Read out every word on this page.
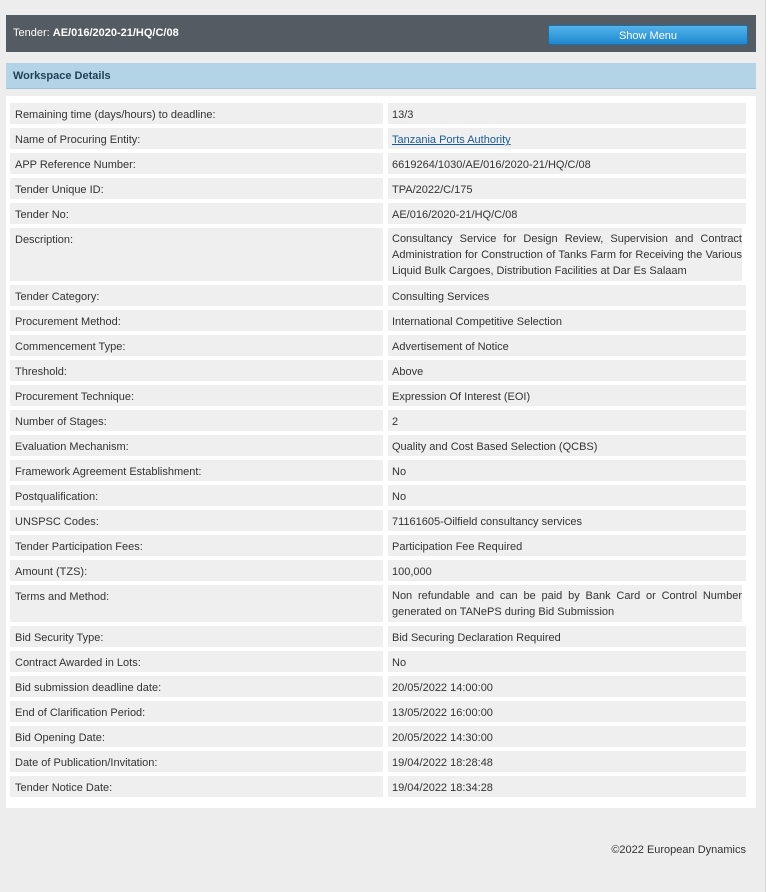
Tender: AE/016/2020-21/HQ/C/08	Show Menu
Workspace Details
Remaining time (days/hours) to deadline:	13/3
Name of Procuring Entity:	Tanzania Ports Authority
APP Reference Number:	6619264/1030/AE/016/2020-21/HQ/C/08
Tender Unique ID:	TPA/2022/C/175
Tender No:	AE/016/2020-21/HQ/C/08
Description:	Consultancy Service for Design Review, Supervision and Contract Administration for Construction of Tanks Farm for Receiving the Various Liquid Bulk Cargoes, Distribution Facilities at Dar Es Salaam
Tender Category:	Consulting Services
Procurement Method:	International Competitive Selection
Commencement Type:	Advertisement of Notice
Threshold:	Above
Procurement Technique:	Expression Of Interest (EOI)
Number of Stages:	2
Evaluation Mechanism:	Quality and Cost Based Selection (QCBS)
Framework Agreement Establishment:	No
Postqualification:	No
UNSPSC Codes:	71161605-Oilfield consultancy services
Tender Participation Fees:	Participation Fee Required
Amount (TZS):	100,000
Terms and Method:	Non refundable and can be paid by Bank Card or Control Number generated on TANePS during Bid Submission
Bid Security Type:	Bid Securing Declaration Required
Contract Awarded in Lots:	No
Bid submission deadline date:	20/05/2022 14:00:00
End of Clarification Period:	13/05/2022 16:00:00
Bid Opening Date:	20/05/2022 14:30:00
Date of Publication/Invitation:	19/04/2022 18:28:48
Tender Notice Date:	19/04/2022 18:34:28
©2022 European Dynamics
